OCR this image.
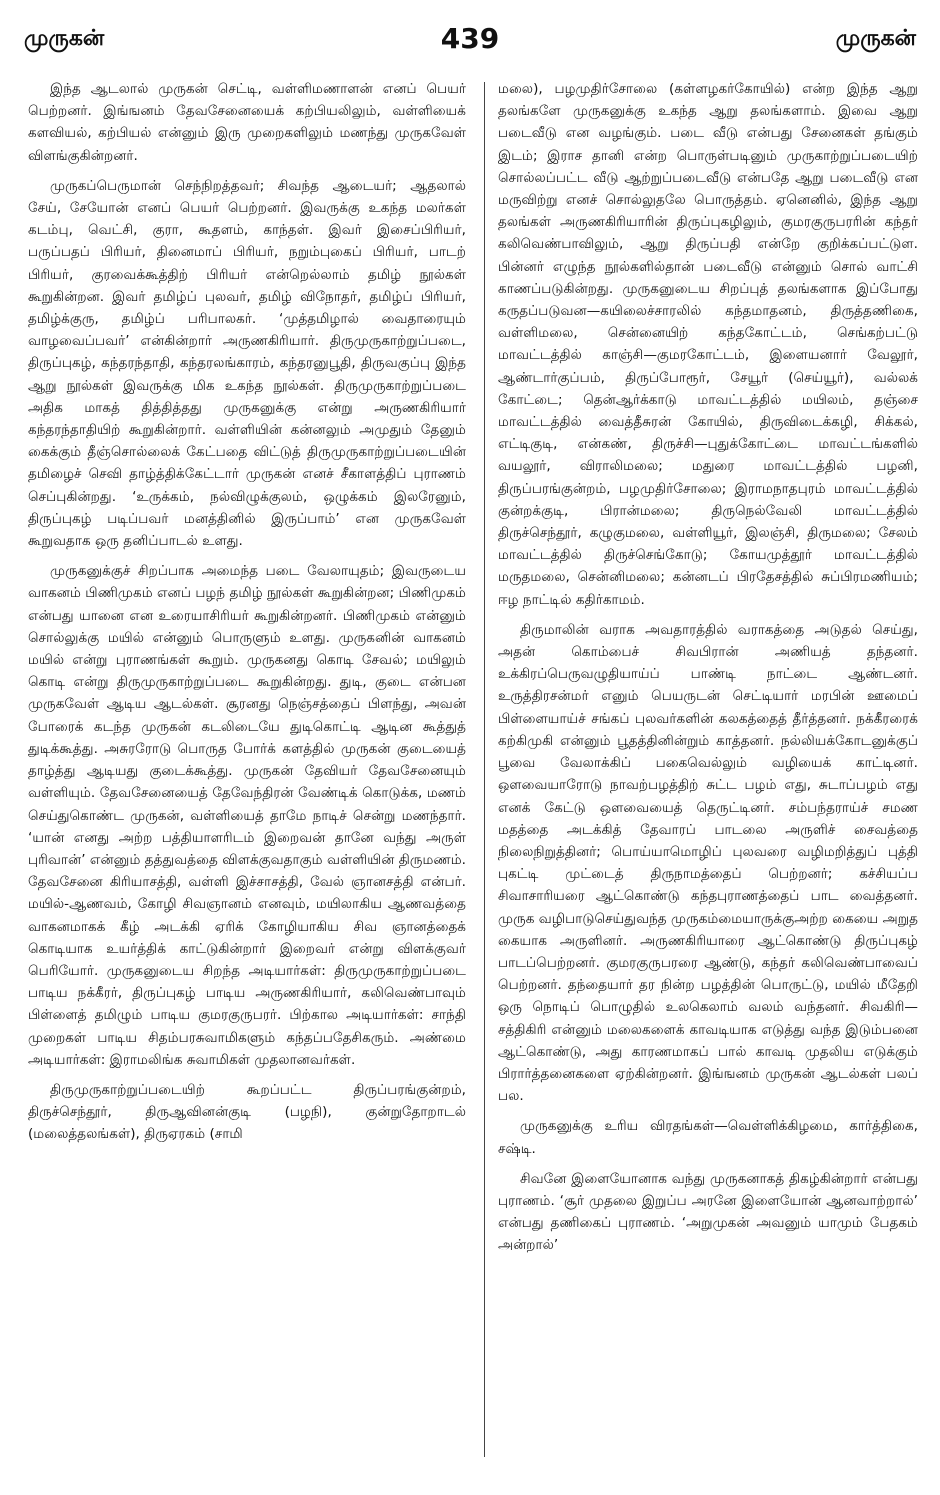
முருகன்	439	முருகன்

இந்த ஆடலால் முருகன் செட்டி, வள்ளிமணாளன் எனப் பெயர் பெற்றனர். இங்ஙனம் தேவசேனையைக் கற்பியலிலும், வள்ளியைக் களவியல், கற்பியல் என்னும் இரு முறைகளிலும் மணந்து முருகவேள் விளங்குகின்றனர்.

முருகப்பெருமான் செந்நிறத்தவர்; சிவந்த ஆடையர்; ஆதலால் சேய், சேயோன் எனப் பெயர் பெற்றனர். இவருக்கு உகந்த மலர்கள் கடம்பு, வெட்சி, குரா, கூதளம், காந்தள். இவர் இசைப்பிரியர், பருப்பதப் பிரியர், தினைமாப் பிரியர், நறும்புகைப் பிரியர், பாடற் பிரியர், குரவைக்கூத்திற் பிரியர் என்றெல்லாம் தமிழ் நூல்கள் கூறுகின்றன. இவர் தமிழ்ப் புலவர், தமிழ் விநோதர், தமிழ்ப் பிரியர், தமிழ்க்குரு, தமிழ்ப் பரிபாலகர். ‘முத்தமிழால் வைதாரையும் வாழவைப்பவர்’ என்கின்றார் அருணகிரியார். திருமுருகாற்றுப்படை, திருப்புகழ், கந்தரந்தாதி, கந்தரலங்காரம், கந்தரனுபூதி, திருவகுப்பு இந்த ஆறு நூல்கள் இவருக்கு மிக உகந்த நூல்கள். திருமுருகாற்றுப்படை அதிக மாகத் தித்தித்தது முருகனுக்கு என்று அருணகிரியார் கந்தரந்தாதியிற் கூறுகின்றார். வள்ளியின் கன்னலும் அமுதும் தேனும் கைக்கும் தீஞ்சொல்லைக் கேட்பதை விட்டுத் திருமுருகாற்றுப்படையின் தமிழைச் செவி தாழ்த்திக்கேட்டார் முருகன் எனச் சீகாளத்திப் புராணம் செப்புகின்றது. ‘உருக்கம், நல்விழுக்குலம், ஒழுக்கம் இலரேனும், திருப்புகழ் படிப்பவர் மனத்தினில் இருப்பாம்’ என முருகவேள் கூறுவதாக ஒரு தனிப்பாடல் உளது.

முருகனுக்குச் சிறப்பாக அமைந்த படை வேலாயுதம்; இவருடைய வாகனம் பிணிமுகம் எனப் பழந் தமிழ் நூல்கள் கூறுகின்றன; பிணிமுகம் என்பது யானை என உரையாசிரியர் கூறுகின்றனர். பிணிமுகம் என்னும் சொல்லுக்கு மயில் என்னும் பொருளும் உளது. முருகனின் வாகனம் மயில் என்று புராணங்கள் கூறும். முருகனது கொடி சேவல்; மயிலும் கொடி என்று திருமுருகாற்றுப்படை கூறுகின்றது. துடி, குடை என்பன முருகவேள் ஆடிய ஆடல்கள். சூரனது நெஞ்சத்தைப் பிளந்து, அவன் போரைக் கடந்த முருகன் கடலிடையே துடிகொட்டி ஆடின கூத்துத் துடிக்கூத்து. அசுரரோடு பொருத போர்க் களத்தில் முருகன் குடையைத் தாழ்த்து ஆடியது குடைக்கூத்து. முருகன் தேவியர் தேவசேனையும் வள்ளியும். தேவசேனையைத் தேவேந்திரன் வேண்டிக் கொடுக்க, மணம் செய்துகொண்ட முருகன், வள்ளியைத் தாமே நாடிச் சென்று மணந்தார். ‘யான் எனது அற்ற பத்தியாளரிடம் இறைவன் தானே வந்து அருள் புரிவான்’ என்னும் தத்துவத்தை விளக்குவதாகும் வள்ளியின் திருமணம். தேவசேனை கிரியாசத்தி, வள்ளி இச்சாசத்தி, வேல் ஞானசத்தி என்பர். மயில்-ஆணவம், கோழி சிவஞானம் எனவும், மயிலாகிய ஆணவத்தை வாகனமாகக் கீழ் அடக்கி ஏரிக் கோழியாகிய சிவ ஞானத்தைக் கொடியாக உயர்த்திக் காட்டுகின்றார் இறைவர் என்று விளக்குவர் பெரியோர். முருகனுடைய சிறந்த அடியார்கள்: திருமுருகாற்றுப்படை பாடிய நக்கீரர், திருப்புகழ் பாடிய அருணகிரியார், கலிவெண்பாவும் பிள்ளைத் தமிழும் பாடிய குமரகுருபரர். பிற்கால அடியார்கள்: சாந்தி முறைகள் பாடிய சிதம்பரசுவாமிகளும் கந்தப்பதேசிகரும். அண்மை அடியார்கள்: இராமலிங்க சுவாமிகள் முதலானவர்கள்.

திருமுருகாற்றுப்படையிற் கூறப்பட்ட திருப்பரங்குன்றம், திருச்செந்தூர், திருஆவினன்குடி (பழநி), குன்றுதோறாடல் (மலைத்தலங்கள்), திருஏரகம் (சாமி

மலை), பழமுதிர்சோலை (கள்ளழகர்கோயில்) என்ற இந்த ஆறு தலங்களே முருகனுக்கு உகந்த ஆறு தலங்களாம். இவை ஆறு படைவீடு என வழங்கும். படை வீடு என்பது சேனைகள் தங்கும் இடம்; இராச தானி என்ற பொருள்படினும் முருகாற்றுப்படையிற் சொல்லப்பட்ட வீடு ஆற்றுப்படைவீடு என்பதே ஆறு படைவீடு என மருவிற்று எனச் சொல்லுதலே பொருத்தம். ஏனெனில், இந்த ஆறு தலங்கள் அருணகிரியாரின் திருப்புகழிலும், குமரகுருபரரின் கந்தர் கலிவெண்பாவிலும், ஆறு திருப்பதி என்றே குறிக்கப்பட்டுள. பின்னர் எழுந்த நூல்களில்தான் படைவீடு என்னும் சொல் வாட்சி காணப்படுகின்றது. முருகனுடைய சிறப்புத் தலங்களாக இப்போது கருதப்படுவன—கயிலைச்சாரலில் கந்தமாதனம், திருத்தணிகை, வள்ளிமலை, சென்னையிற் கந்தகோட்டம், செங்கற்பட்டு மாவட்டத்தில் காஞ்சி—குமரகோட்டம், இளையனார் வேலூர், ஆண்டார்குப்பம், திருப்போரூர், சேயூர் (செய்யூர்), வல்லக் கோட்டை; தென்ஆர்க்காடு மாவட்டத்தில் மயிலம், தஞ்சை மாவட்டத்தில் வைத்தீசுரன் கோயில், திருவிடைக்கழி, சிக்கல், எட்டிகுடி, என்கண், திருச்சி—புதுக்கோட்டை மாவட்டங்களில் வயலூர், விராலிமலை; மதுரை மாவட்டத்தில் பழனி, திருப்பரங்குன்றம், பழமுதிர்சோலை; இராமநாதபுரம் மாவட்டத்தில் குன்றக்குடி, பிரான்மலை; திருநெல்வேலி மாவட்டத்தில் திருச்செந்தூர், கழுகுமலை, வள்ளியூர், இலஞ்சி, திருமலை; சேலம் மாவட்டத்தில் திருச்செங்கோடு; கோயமுத்தூர் மாவட்டத்தில் மருதமலை, சென்னிமலை; கன்னடப் பிரதேசத்தில் சுப்பிரமணியம்; ஈழ நாட்டில் கதிர்காமம்.

திருமாலின் வராக அவதாரத்தில் வராகத்தை அடுதல் செய்து, அதன் கொம்பைச் சிவபிரான் அணியத் தந்தனர். உக்கிரப்பெருவழுதியாய்ப் பாண்டி நாட்டை ஆண்டனர். உருத்திரசன்மர் எனும் பெயருடன் செட்டியார் மரபின் ஊமைப் பிள்ளையாய்ச் சங்கப் புலவர்களின் கலகத்தைத் தீர்த்தனர். நக்கீரரைக் கற்கிமுகி என்னும் பூதத்தினின்றும் காத்தனர். நல்லியக்கோடனுக்குப் பூவை வேலாக்கிப் பகைவெல்லும் வழியைக் காட்டினர். ஒளவையாரோடு நாவற்பழத்திற் சுட்ட பழம் எது, சுடாப்பழம் எது எனக் கேட்டு ஒளவையைத் தெருட்டினர். சம்பந்தராய்ச் சமண மதத்தை அடக்கித் தேவாரப் பாடலை அருளிச் சைவத்தை நிலைநிறுத்தினர்; பொய்யாமொழிப் புலவரை வழிமறித்துப் புத்தி புகட்டி முட்டைத் திருநாமத்தைப் பெற்றனர்; கச்சியப்ப சிவாசாரியரை ஆட்கொண்டு கந்தபுராணத்தைப் பாட வைத்தனர். முருக வழிபாடுசெய்துவந்த முருகம்மையாருக்குஅற்ற கையை அறுத கையாக அருளினர். அருணகிரியாரை ஆட்கொண்டு திருப்புகழ் பாடப்பெற்றனர். குமரகுருபரரை ஆண்டு, கந்தர் கலிவெண்பாவைப் பெற்றனர். தந்தையார் தர நின்ற பழத்தின் பொருட்டு, மயில் மீதேறி ஒரு நொடிப் பொழுதில் உலகெலாம் வலம் வந்தனர். சிவகிரி—சத்திகிரி என்னும் மலைகளைக் காவடியாக எடுத்து வந்த இடும்பனை ஆட்கொண்டு, அது காரணமாகப் பால் காவடி முதலிய எடுக்கும் பிரார்த்தனைகளை ஏற்கின்றனர். இங்ஙனம் முருகன் ஆடல்கள் பலப் பல.

முருகனுக்கு உரிய விரதங்கள்—வெள்ளிக்கிழமை, கார்த்திகை, சஷ்டி.

சிவனே இளையோனாக வந்து முருகனாகத் திகழ்கின்றார் என்பது புராணம். ‘சூர் முதலை இறுப்ப அரனே இளையோன் ஆனவாற்றால்’ என்பது தணிகைப் புராணம். ‘அறுமுகன் அவனும் யாமும் பேதகம் அன்றால்’
